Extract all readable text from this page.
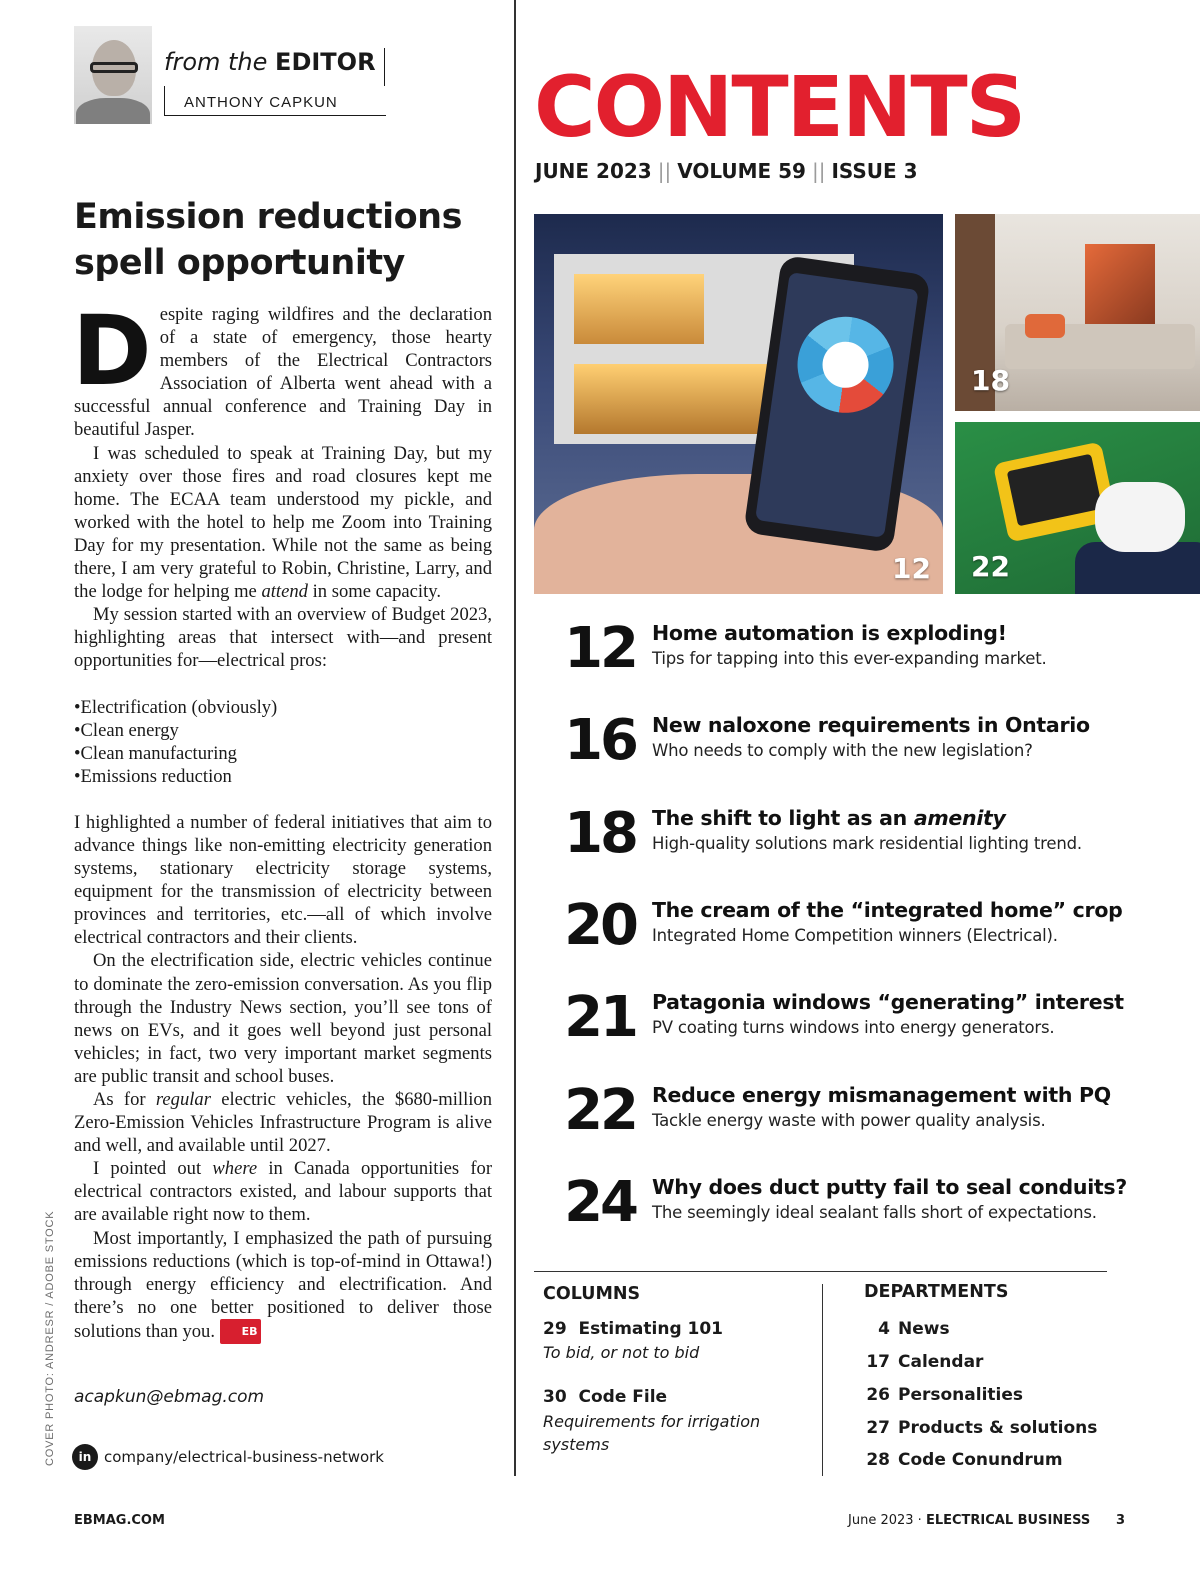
from the EDITOR
ANTHONY CAPKUN
Emission reductions spell opportunity

Despite raging wildfires and the declaration of a state of emergency, those hearty members of the Electrical Contractors Association of Alberta went ahead with a successful annual conference and Training Day in beautiful Jasper.

I was scheduled to speak at Training Day, but my anxiety over those fires and road closures kept me home. The ECAA team understood my pickle, and worked with the hotel to help me Zoom into Training Day for my presentation. While not the same as being there, I am very grateful to Robin, Christine, Larry, and the lodge for helping me attend in some capacity.

My session started with an overview of Budget 2023, highlighting areas that intersect with—and present opportunities for—electrical pros:

• Electrification (obviously)
• Clean energy
• Clean manufacturing
• Emissions reduction

I highlighted a number of federal initiatives that aim to advance things like non-emitting electricity generation systems, stationary electricity storage systems, equipment for the transmission of electricity between provinces and territories, etc.—all of which involve electrical contractors and their clients.

On the electrification side, electric vehicles continue to dominate the zero-emission conversation. As you flip through the Industry News section, you’ll see tons of news on EVs, and it goes well beyond just personal vehicles; in fact, two very important market segments are public transit and school buses.

As for regular electric vehicles, the $680-million Zero-Emission Vehicles Infrastructure Program is alive and well, and available until 2027.

I pointed out where in Canada opportunities for electrical contractors existed, and labour supports that are available right now to them.

Most importantly, I emphasized the path of pursuing emissions reductions (which is top-of-mind in Ottawa!) through energy efficiency and electrification. And there’s no one better positioned to deliver those solutions than you. EB

acapkun@ebmag.com
in company/electrical-business-network
COVER PHOTO: ANDRESR / ADOBE STOCK
CONTENTS
JUNE 2023 || VOLUME 59 || ISSUE 3
12
18
22
12 Home automation is exploding!
Tips for tapping into this ever-expanding market.
16 New naloxone requirements in Ontario
Who needs to comply with the new legislation?
18 The shift to light as an amenity
High-quality solutions mark residential lighting trend.
20 The cream of the “integrated home” crop
Integrated Home Competition winners (Electrical).
21 Patagonia windows “generating” interest
PV coating turns windows into energy generators.
22 Reduce energy mismanagement with PQ
Tackle energy waste with power quality analysis.
24 Why does duct putty fail to seal conduits?
The seemingly ideal sealant falls short of expectations.
COLUMNS
29 Estimating 101
To bid, or not to bid
30 Code File
Requirements for irrigation systems
DEPARTMENTS
4 News
17 Calendar
26 Personalities
27 Products & solutions
28 Code Conundrum
EBMAG.COM	June 2023 · ELECTRICAL BUSINESS 3
